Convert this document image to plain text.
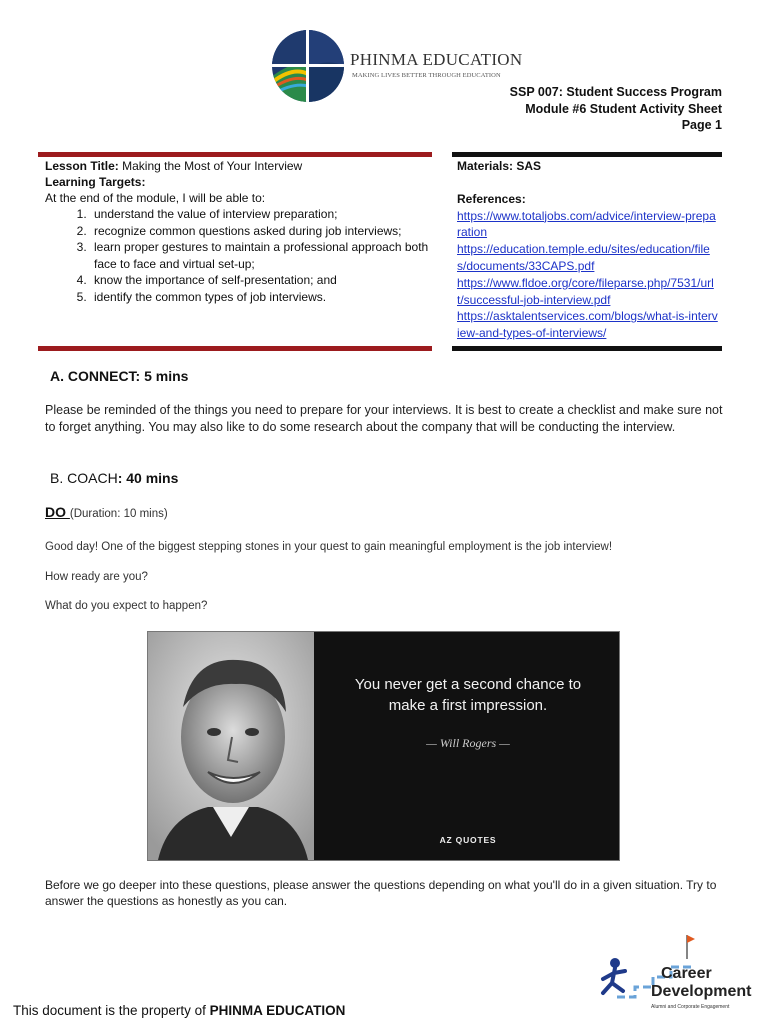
PHINMA EDUCATION
MAKING LIVES BETTER THROUGH EDUCATION
SSP 007: Student Success Program
Module #6 Student Activity Sheet
Page 1
Lesson Title: Making the Most of Your Interview
Learning Targets:
At the end of the module, I will be able to:
1. understand the value of interview preparation;
2. recognize common questions asked during job interviews;
3. learn proper gestures to maintain a professional approach both face to face and virtual set-up;
4. know the importance of self-presentation; and
5. identify the common types of job interviews.
Materials: SAS
References:
https://www.totaljobs.com/advice/interview-preparation
https://education.temple.edu/sites/education/files/documents/33CAPS.pdf
https://www.fldoe.org/core/fileparse.php/7531/urlt/successful-job-interview.pdf
https://asktalentservices.com/blogs/what-is-interview-and-types-of-interviews/
A. CONNECT: 5 mins
Please be reminded of the things you need to prepare for your interviews. It is best to create a checklist and make sure not to forget anything. You may also like to do some research about the company that will be conducting the interview.
B. COACH: 40 mins
DO (Duration: 10 mins)
Good day! One of the biggest stepping stones in your quest to gain meaningful employment is the job interview!
How ready are you?
What do you expect to happen?
You never get a second chance to
make a first impression.
— Will Rogers —
AZ QUOTES
Before we go deeper into these questions, please answer the questions depending on what you'll do in a given situation. Try to answer the questions as honestly as you can.
This document is the property of PHINMA EDUCATION
Career
Development
Alumni and Corporate Engagement
